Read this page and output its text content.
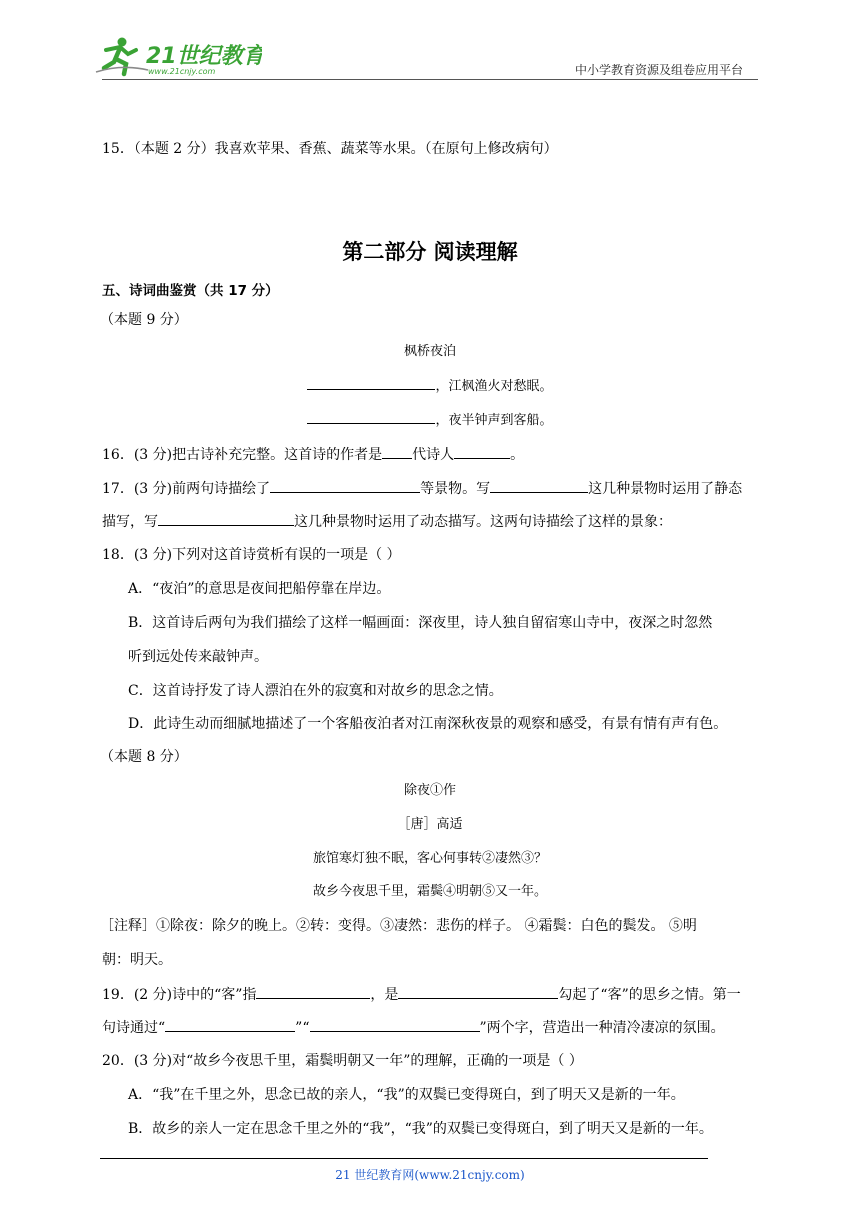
21世纪教育
www.21cnjy.com	中小学教育资源及组卷应用平台
15．（本题 2 分）我喜欢苹果、香蕉、蔬菜等水果。（在原句上修改病句）
第二部分 阅读理解
五、诗词曲鉴赏（共 17 分）
（本题 9 分）
枫桥夜泊
，江枫渔火对愁眠。
，夜半钟声到客船。
16．(3 分)把古诗补充完整。这首诗的作者是 代诗人	。
17．(3 分)前两句诗描绘了	等景物。写	这几种景物时运用了静态
描写，写	这几种景物时运用了动态描写。这两句诗描绘了这样的景象：
18．(3 分)下列对这首诗赏析有误的一项是（ ）
A．“夜泊”的意思是夜间把船停靠在岸边。
B．这首诗后两句为我们描绘了这样一幅画面：深夜里，诗人独自留宿寒山寺中，夜深之时忽然
听到远处传来敲钟声。
C．这首诗抒发了诗人漂泊在外的寂寞和对故乡的思念之情。
D．此诗生动而细腻地描述了一个客船夜泊者对江南深秋夜景的观察和感受，有景有情有声有色。
（本题 8 分）
除夜①作
［唐］高适
旅馆寒灯独不眠，客心何事转②凄然③？
故乡今夜思千里，霜鬓④明朝⑤又一年。
［注释］①除夜：除夕的晚上。②转：变得。③凄然：悲伤的样子。 ④霜鬓：白色的鬓发。 ⑤明
朝：明天。
19．(2 分)诗中的“客”指	，是	勾起了“客”的思乡之情。第一
句诗通过“	”“	”两个字，营造出一种清冷凄凉的氛围。
20．(3 分)对“故乡今夜思千里，霜鬓明朝又一年”的理解，正确的一项是（ ）
A．“我”在千里之外，思念已故的亲人，“我”的双鬓已变得斑白，到了明天又是新的一年。
B．故乡的亲人一定在思念千里之外的“我”，“我”的双鬓已变得斑白，到了明天又是新的一年。
21 世纪教育网(www.21cnjy.com)
